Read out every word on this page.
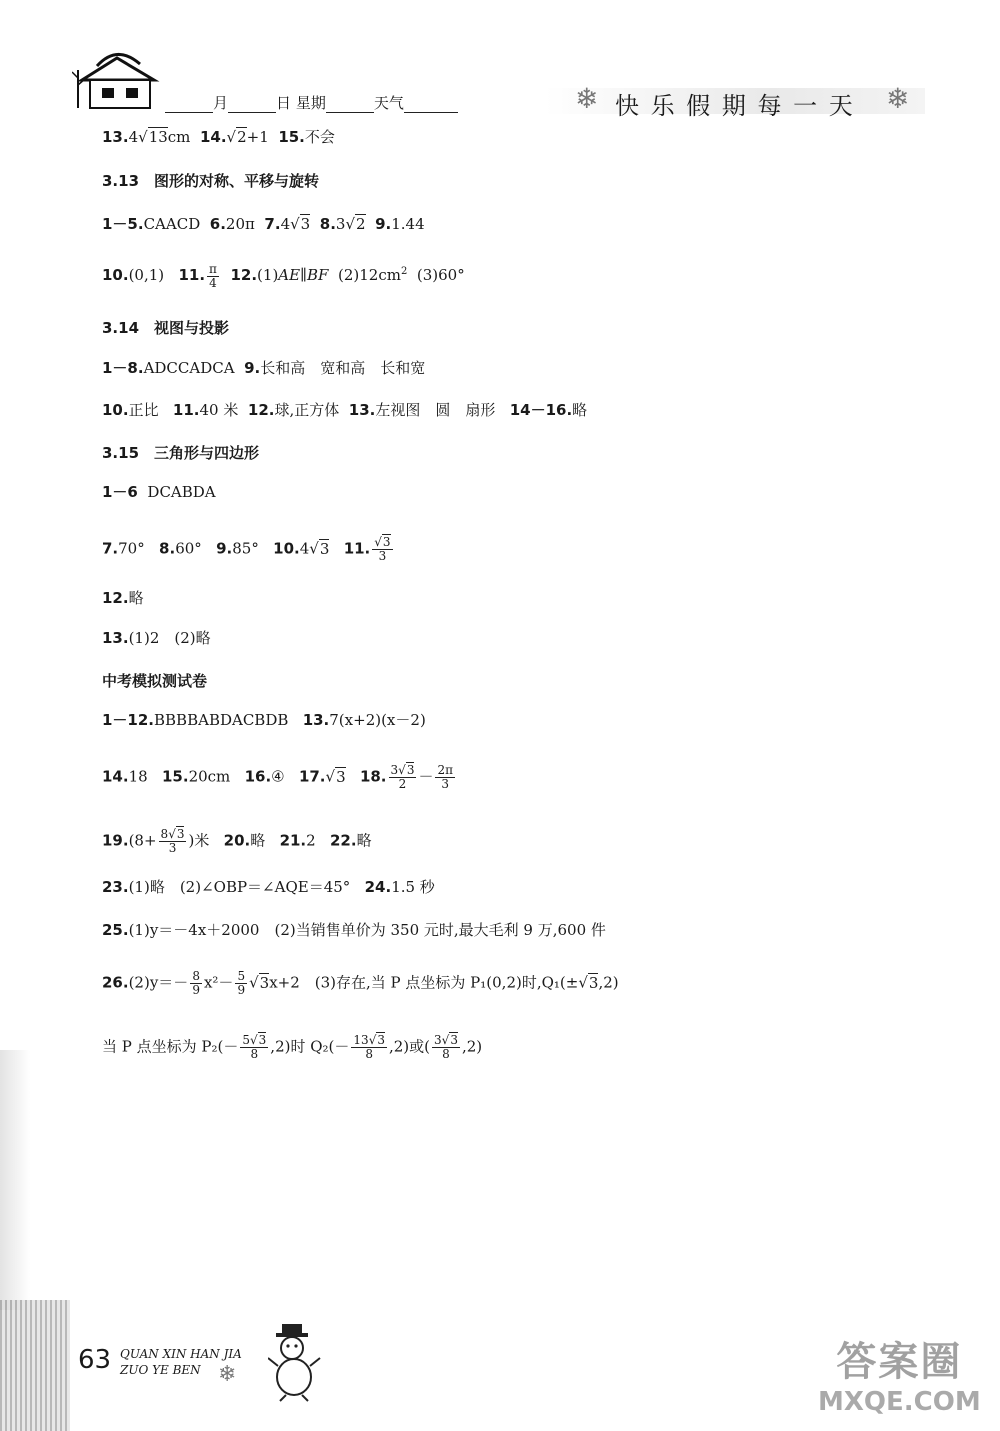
月	日 星期	天气	❄	❄
快 乐 假 期 每 一 天
13.4√13cm 14.√2+1 15.不会
3.13　图形的对称、平移与旋转
1－5.CAACD 6.20π 7.4√3 8.3√2 9.1.44
10.(0,1) 11. $\frac{\pi}{4}$ 12.(1)AE∥BF $(2)12cm^2$ (3)60°
3.14　视图与投影
1－8.ADCCADCA 9.长和高　宽和高　长和宽
10.正比 11.40 米 12.球,正方体 13.左视图　圆　扇形 14－16.略
3.15　三角形与四边形
1－6 DCABDA
7.70° 8.60° 9.85° 10.4√3 11. $\frac{√3}{3}$
12.略
13.(1)2　(2)略
中考模拟测试卷
1－12.BBBBABDACBDB 13.7(x+2)(x－2)
14.18 15.20cm 16.④ 17.√3 18. $\frac{3√3}{2} - \frac{2\pi}{3}$
$19.(8+ \frac{8√3}{3}$ )米 20.略 21.2 22.略
23.(1)略　(2)∠OBP＝∠AQE＝45° 24.1.5 秒
25.(1)y＝－4x＋2000　(2)当销售单价为 350 元时,最大毛利 9 万,600 件
$26.(2)y=- \frac{8}{9} x^2- \frac{5}{9} √3x+2$　(3)存在,当 P 点坐标为 P₁(0,2)时,Q₁(±√3,2)
当 P 点坐标为 $P_2(- \frac{5√3}{8} ,2)$时 $Q_2(- \frac{13√3}{8} ,2)$或( $\frac{3√3}{8} ,2$)
63 QUAN XIN HAN JIA
ZUO YE BEN ❄	答案圈
MXQE.COM
